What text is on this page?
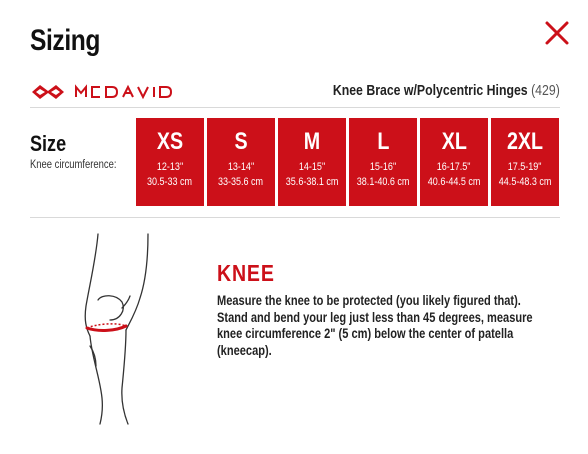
Sizing
Knee Brace w/Polycentric Hinges (429)
Size
Knee circumference:
XS
12-13"
30.5-33 cm
S
13-14"
33-35.6 cm
M
14-15"
35.6-38.1 cm
L
15-16"
38.1-40.6 cm
XL
16-17.5"
40.6-44.5 cm
2XL
17.5-19"
44.5-48.3 cm
KNEE
Measure the knee to be protected (you likely figured that). Stand and bend your leg just less than 45 degrees, measure knee circumference 2" (5 cm) below the center of patella (kneecap).
